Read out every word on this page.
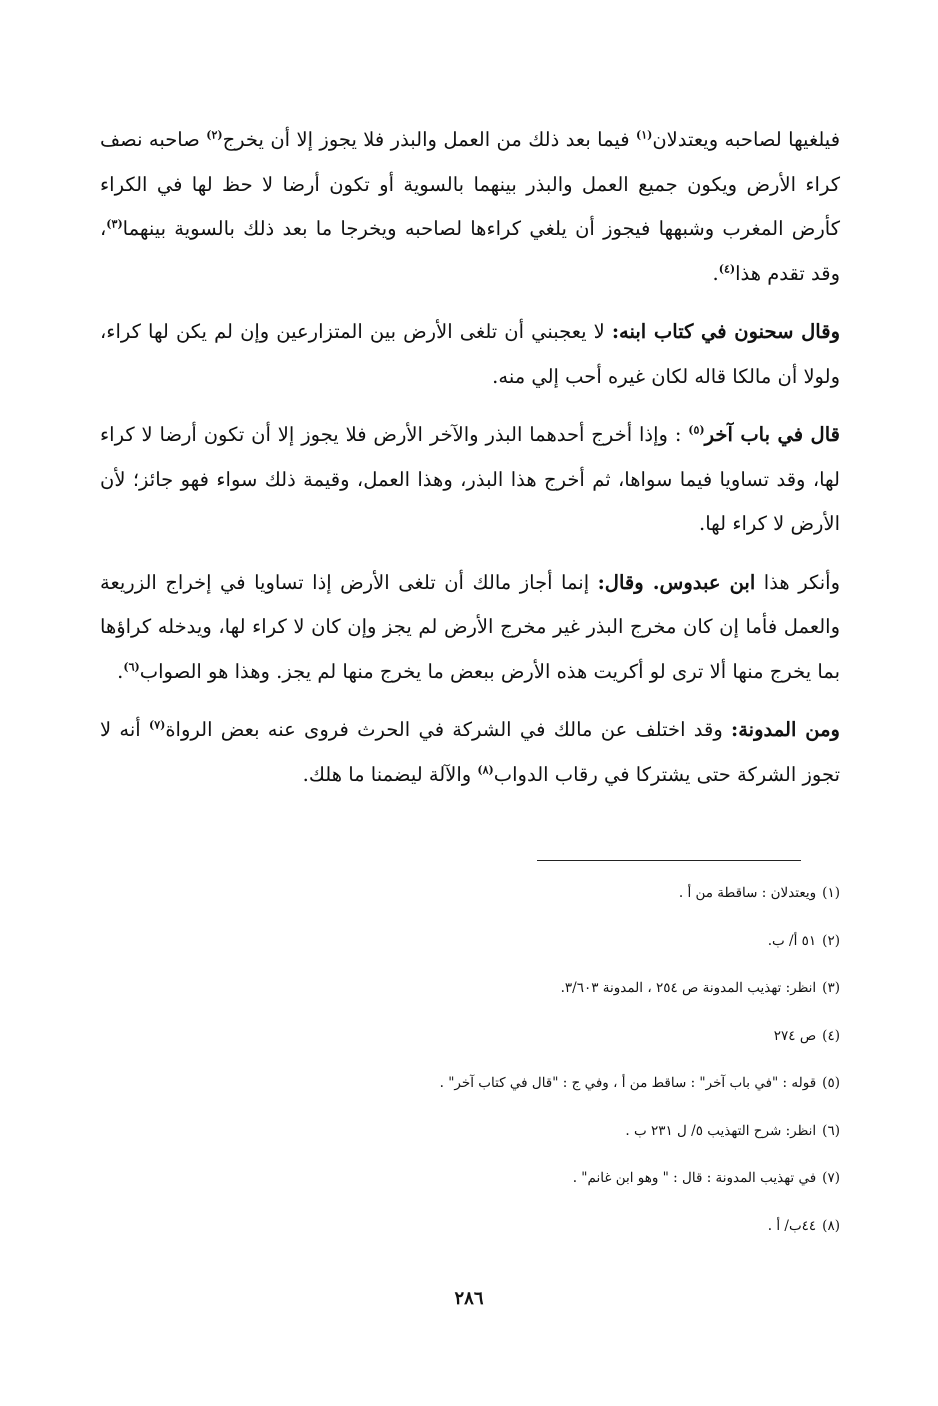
فيلغيها لصاحبه ويعتدلان$^{(١)}$ فيما بعد ذلك من العمل والبذر فلا يجوز إلا أن يخرج$^{(٢)}$ صاحبه نصف كراء الأرض ويكون جميع العمل والبذر بينهما بالسوية أو تكون أرضا لا حظ لها في الكراء كأرض المغرب وشبهها فيجوز أن يلغي كراءها لصاحبه ويخرجا ما بعد ذلك بالسوية بينهما$^{(٣)}$، وقد تقدم هذا$^{(٤)}$.

وقال سحنون في كتاب ابنه: لا يعجبني أن تلغى الأرض بين المتزارعين وإن لم يكن لها كراء، ولولا أن مالكا قاله لكان غيره أحب إلي منه.

قال في باب آخر$^{(٥)}$ : وإذا أخرج أحدهما البذر والآخر الأرض فلا يجوز إلا أن تكون أرضا لا كراء لها، وقد تساويا فيما سواها، ثم أخرج هذا البذر، وهذا العمل، وقيمة ذلك سواء فهو جائز؛ لأن الأرض لا كراء لها.

وأنكر هذا ابن عبدوس. وقال: إنما أجاز مالك أن تلغى الأرض إذا تساويا في إخراج الزريعة والعمل فأما إن كان مخرج البذر غير مخرج الأرض لم يجز وإن كان لا كراء لها، ويدخله كراؤها بما يخرج منها ألا ترى لو أكريت هذه الأرض ببعض ما يخرج منها لم يجز. وهذا هو الصواب$^{(٦)}$.

ومن المدونة: وقد اختلف عن مالك في الشركة في الحرث فروى عنه بعض الرواة$^{(٧)}$ أنه لا تجوز الشركة حتى يشتركا في رقاب الدواب$^{(٨)}$ والآلة ليضمنا ما هلك.

(١)ويعتدلان : ساقطة من أ .
(٢)٥١ أ/ ب.
(٣)انظر: تهذيب المدونة ص ٢٥٤ ، المدونة ٣/٦٠٣.
(٤)ص ٢٧٤
(٥)قوله : "في باب آخر" : ساقط من أ ، وفي ج : "قال في كتاب آخر" .
(٦)انظر: شرح التهذيب ٥/ ل ٢٣١ ب .
(٧)في تهذيب المدونة : قال : " وهو ابن غانم" .
(٨)٤٤ب/ أ .
٢٨٦
